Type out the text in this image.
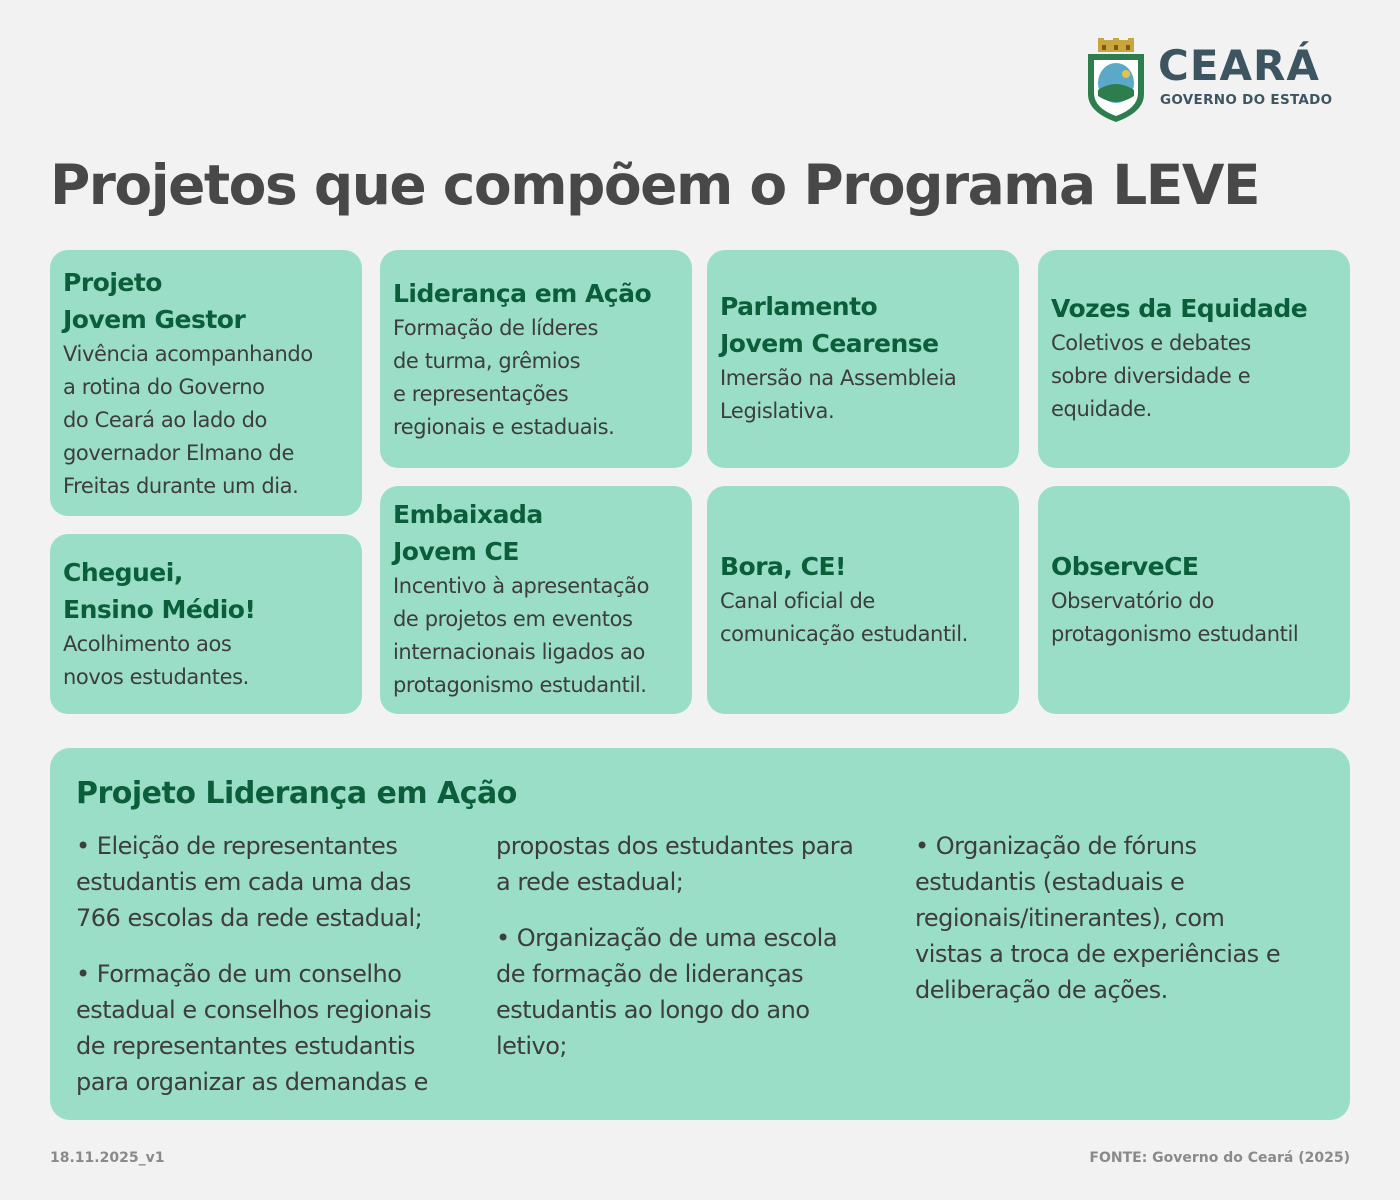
CEARÁ
GOVERNO DO ESTADO
Projetos que compõem o Programa LEVE
Projeto
Jovem Gestor
Vivência acompanhando
a rotina do Governo
do Ceará ao lado do
governador Elmano de
Freitas durante um dia.
Liderança em Ação
Formação de líderes
de turma, grêmios
e representações
regionais e estaduais.
Parlamento
Jovem Cearense
Imersão na Assembleia
Legislativa.
Vozes da Equidade
Coletivos e debates
sobre diversidade e
equidade.
Cheguei,
Ensino Médio!
Acolhimento aos
novos estudantes.
Embaixada
Jovem CE
Incentivo à apresentação
de projetos em eventos
internacionais ligados ao
protagonismo estudantil.
Bora, CE!
Canal oficial de
comunicação estudantil.
ObserveCE
Observatório do
protagonismo estudantil
Projeto Liderança em Ação

• Eleição de representantes
estudantis em cada uma das
766 escolas da rede estadual;

• Formação de um conselho
estadual e conselhos regionais
de representantes estudantis
para organizar as demandas e

propostas dos estudantes para
a rede estadual;

• Organização de uma escola
de formação de lideranças
estudantis ao longo do ano
letivo;

• Organização de fóruns
estudantis (estaduais e
regionais/itinerantes), com
vistas a troca de experiências e
deliberação de ações.

18.11.2025_v1	FONTE: Governo do Ceará (2025)
